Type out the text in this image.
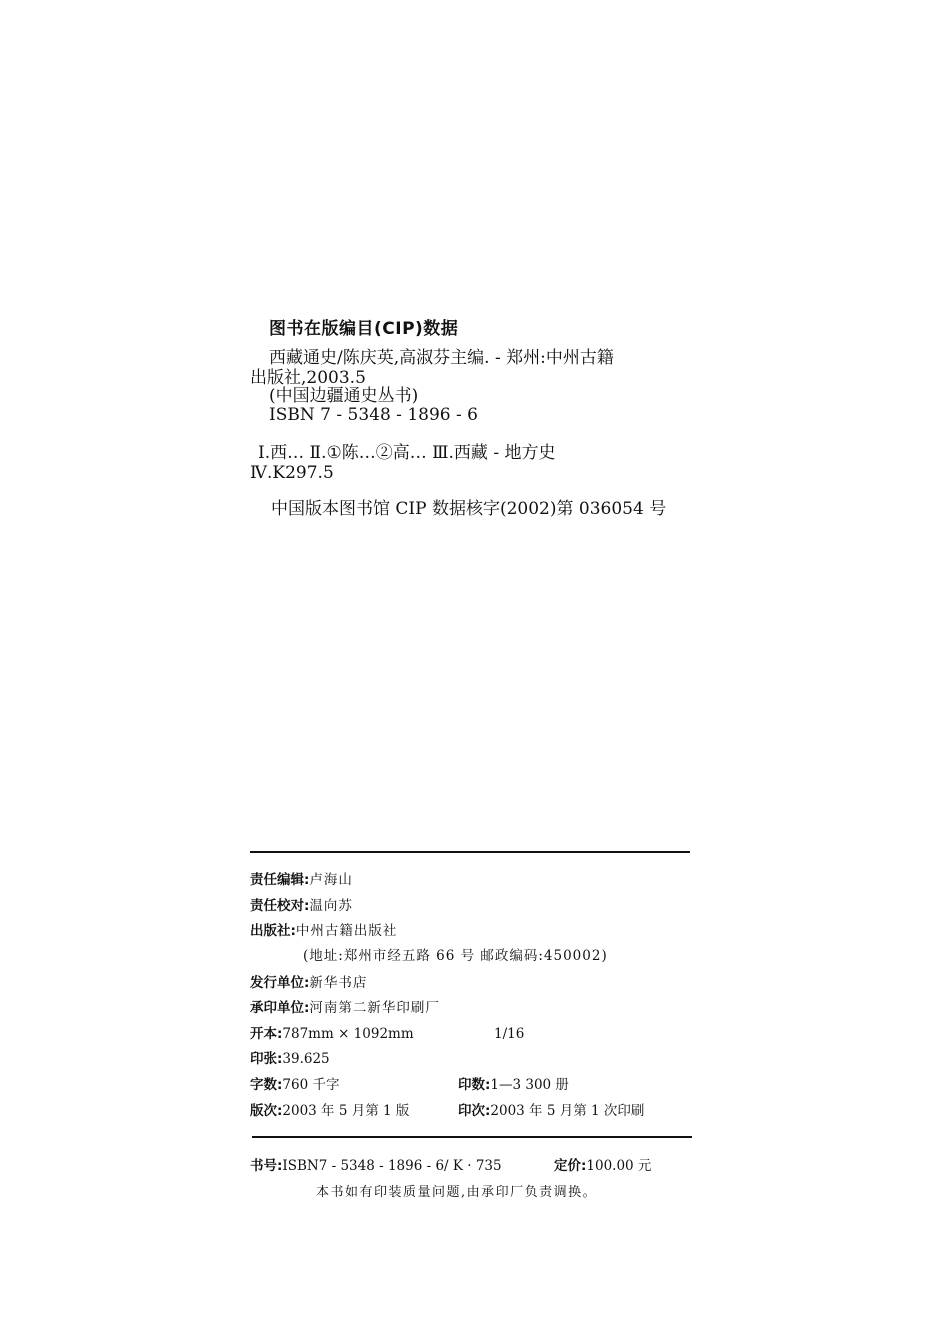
图书在版编目(CIP)数据
西藏通史/陈庆英,高淑芬主编. - 郑州:中州古籍
出版社,2003.5
(中国边疆通史丛书)
ISBN 7 - 5348 - 1896 - 6
Ⅰ.西… Ⅱ.①陈…②高… Ⅲ.西藏 - 地方史
Ⅳ.K297.5
中国版本图书馆 CIP 数据核字(2002)第 036054 号
责任编辑:卢海山
责任校对:温向苏
出版社:中州古籍出版社
(地址:郑州市经五路 66 号 邮政编码:450002)
发行单位:新华书店
承印单位:河南第二新华印刷厂
开本:787mm × 1092mm	1/16
印张:39.625
字数:760 千字	印数:1—3 300 册
版次:2003 年 5 月第 1 版	印次:2003 年 5 月第 1 次印刷
书号:ISBN7 - 5348 - 1896 - 6/ K · 735	定价:100.00 元
本书如有印装质量问题,由承印厂负责调换。
